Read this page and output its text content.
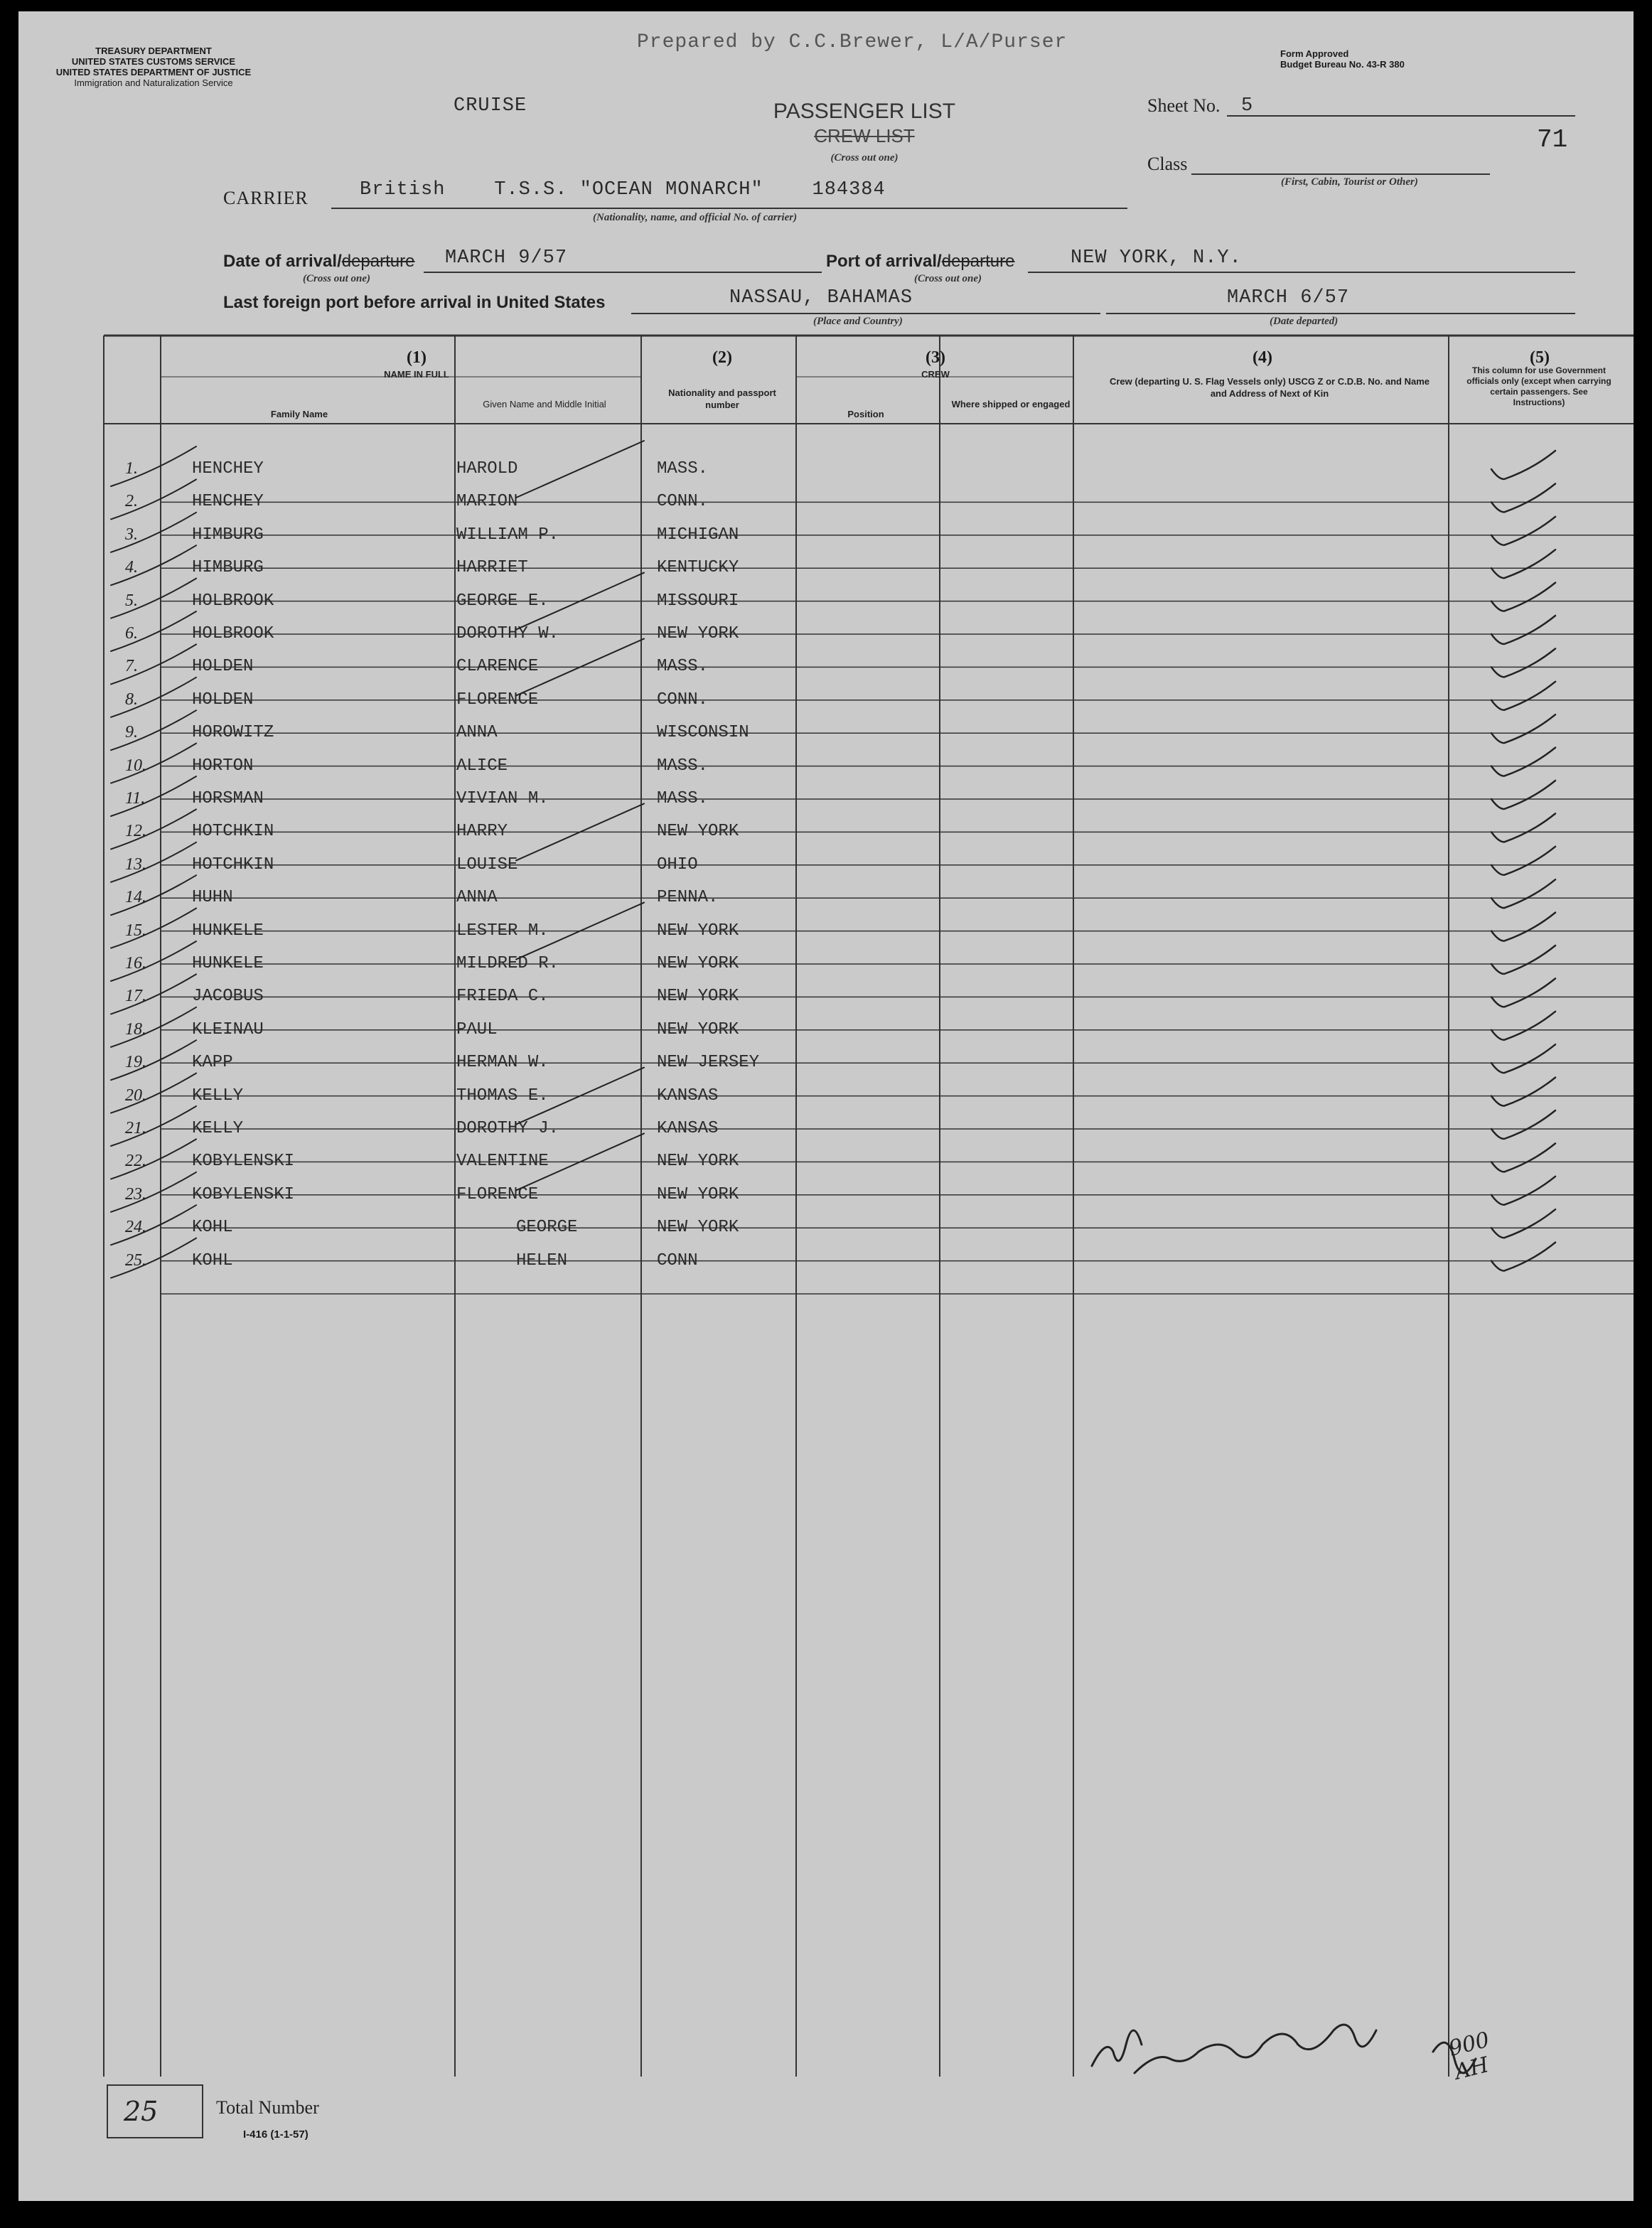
TREASURY DEPARTMENT
UNITED STATES CUSTOMS SERVICE
UNITED STATES DEPARTMENT OF JUSTICE
Immigration and Naturalization Service
Prepared by C.C.Brewer, L/A/Purser
Form Approved
Budget Bureau No. 43-R 380
CRUISE	PASSENGER LIST
CREW LIST
(Cross out one)
Sheet No. 5
71
Class
(First, Cabin, Tourist or Other)
CARRIER	British    T.S.S. "OCEAN MONARCH"    184384
(Nationality, name, and official No. of carrier)
Date of arrival/departure MARCH 9/57
(Cross out one)
Port of arrival/departure	NEW YORK, N.Y.
(Cross out one)
Last foreign port before arrival in United States	NASSAU, BAHAMAS
(Place and Country)
MARCH 6/57
(Date departed)
(1)
NAME IN FULL
Family Name
Given Name and Middle Initial
(2)
Nationality and passport number
(3)
CREW
Position
Where shipped or engaged
(4)
Crew (departing U. S. Flag Vessels only) USCG Z or C.D.B. No. and Name and Address of Next of Kin
(5)
This column for use Government officials only (except when carrying certain passengers. See Instructions)
1.	HENCHEY	HAROLD	MASS.
2.	HENCHEY	MARION	CONN.
3.	HIMBURG	WILLIAM P.	MICHIGAN
4.	HIMBURG	HARRIET	KENTUCKY
5.	HOLBROOK	GEORGE E.	MISSOURI
6.	HOLBROOK	DOROTHY W.	NEW YORK
7.	HOLDEN	CLARENCE	MASS.
8.	HOLDEN	FLORENCE	CONN.
9.	HOROWITZ	ANNA	WISCONSIN
10.	HORTON	ALICE	MASS.
11.	HORSMAN	VIVIAN M.	MASS.
12.	HOTCHKIN	HARRY	NEW YORK
13.	HOTCHKIN	LOUISE	OHIO
14.	HUHN	ANNA	PENNA.
15.	HUNKELE	LESTER M.	NEW YORK
16.	HUNKELE	MILDRED R.	NEW YORK
17.	JACOBUS	FRIEDA C.	NEW YORK
18.	KLEINAU	PAUL	NEW YORK
19.	KAPP	HERMAN W.	NEW JERSEY
20.	KELLY	THOMAS E.	KANSAS
21.	KELLY	DOROTHY J.	KANSAS
22.	KOBYLENSKI	VALENTINE	NEW YORK
23.	KOBYLENSKI	FLORENCE	NEW YORK
24.	KOHL	GEORGE	NEW YORK
25.	KOHL	HELEN	CONN
25	Total Number
I-416 (1-1-57)
900 AH
